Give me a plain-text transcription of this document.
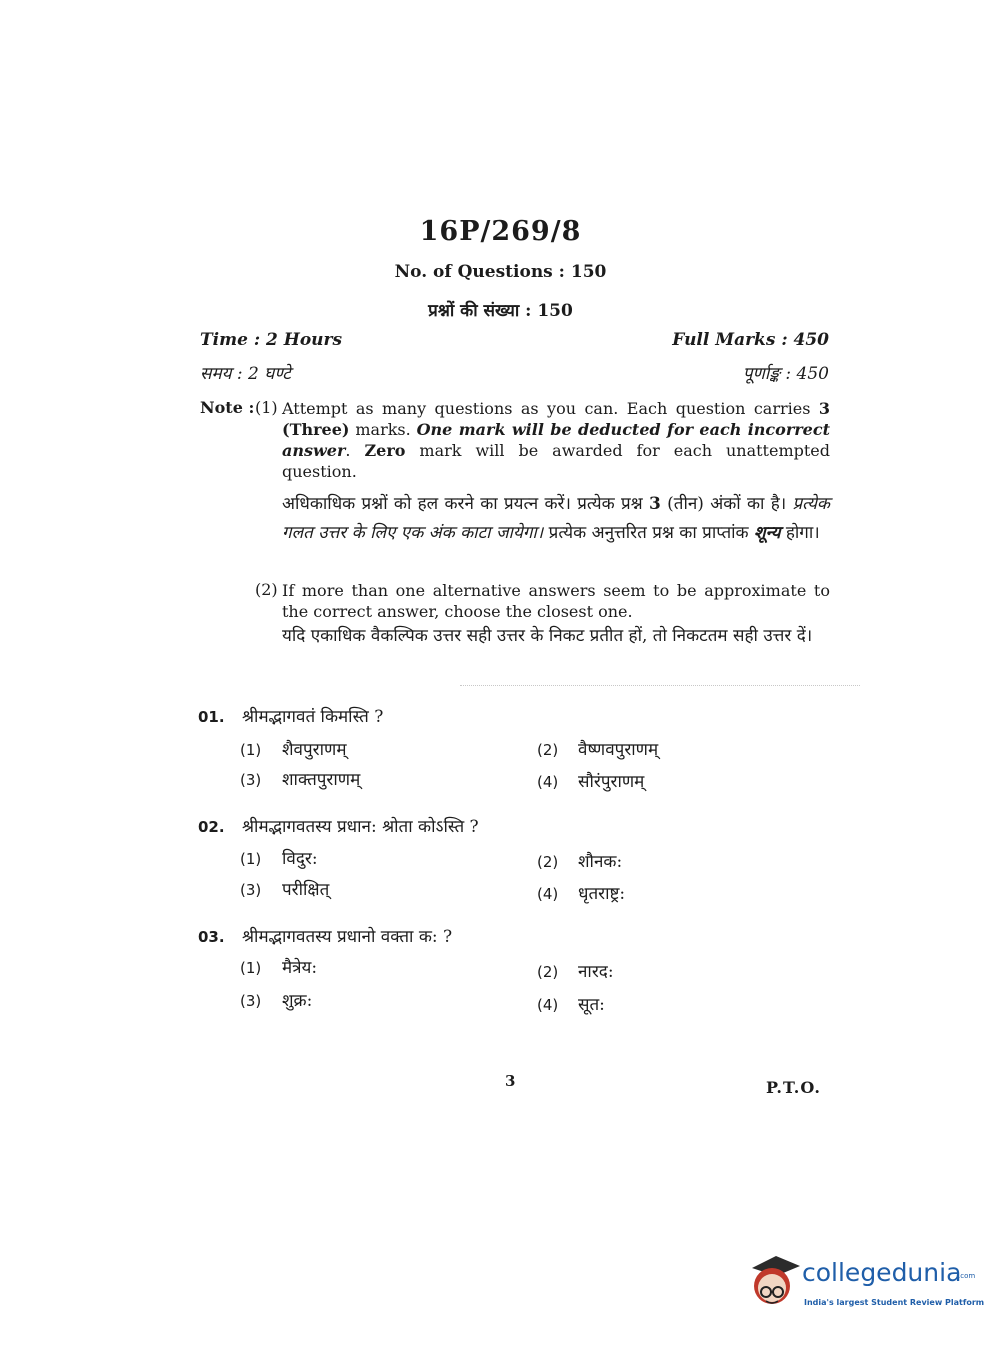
16P/269/8
No. of Questions : 150
प्रश्नों की संख्या : 150
Time : 2 Hours	Full Marks : 450
समय : 2 घण्टे	पूर्णाङ्क : 450
Note : (1) Attempt as many questions as you can. Each question carries 3 (Three) marks. One mark will be deducted for each incorrect answer. Zero mark will be awarded for each unattempted question.
अधिकाधिक प्रश्नों को हल करने का प्रयत्न करें। प्रत्येक प्रश्न 3 (तीन) अंकों का है। प्रत्येक गलत उत्तर के लिए एक अंक काटा जायेगा। प्रत्येक अनुत्तरित प्रश्न का प्राप्तांक शून्य होगा।
(2) If more than one alternative answers seem to be approximate to the correct answer, choose the closest one.
यदि एकाधिक वैकल्पिक उत्तर सही उत्तर के निकट प्रतीत हों, तो निकटतम सही उत्तर दें।
01. श्रीमद्भागवतं किमस्ति ?
(1) शैवपुराणम्	(2) वैष्णवपुराणम्
(3) शाक्तपुराणम्	(4) सौरंपुराणम्
02. श्रीमद्भागवतस्य प्रधान: श्रोता कोऽस्ति ?
(1) विदुर:	(2) शौनक:
(3) परीक्षित्	(4) धृतराष्ट्र:
03. श्रीमद्भागवतस्य प्रधानो वक्ता क: ?
(1) मैत्रेय:	(2) नारद:
(3) शुक्र:	(4) सूत:
3	P.T.O.
collegedunia
.com
India's largest Student Review Platform
